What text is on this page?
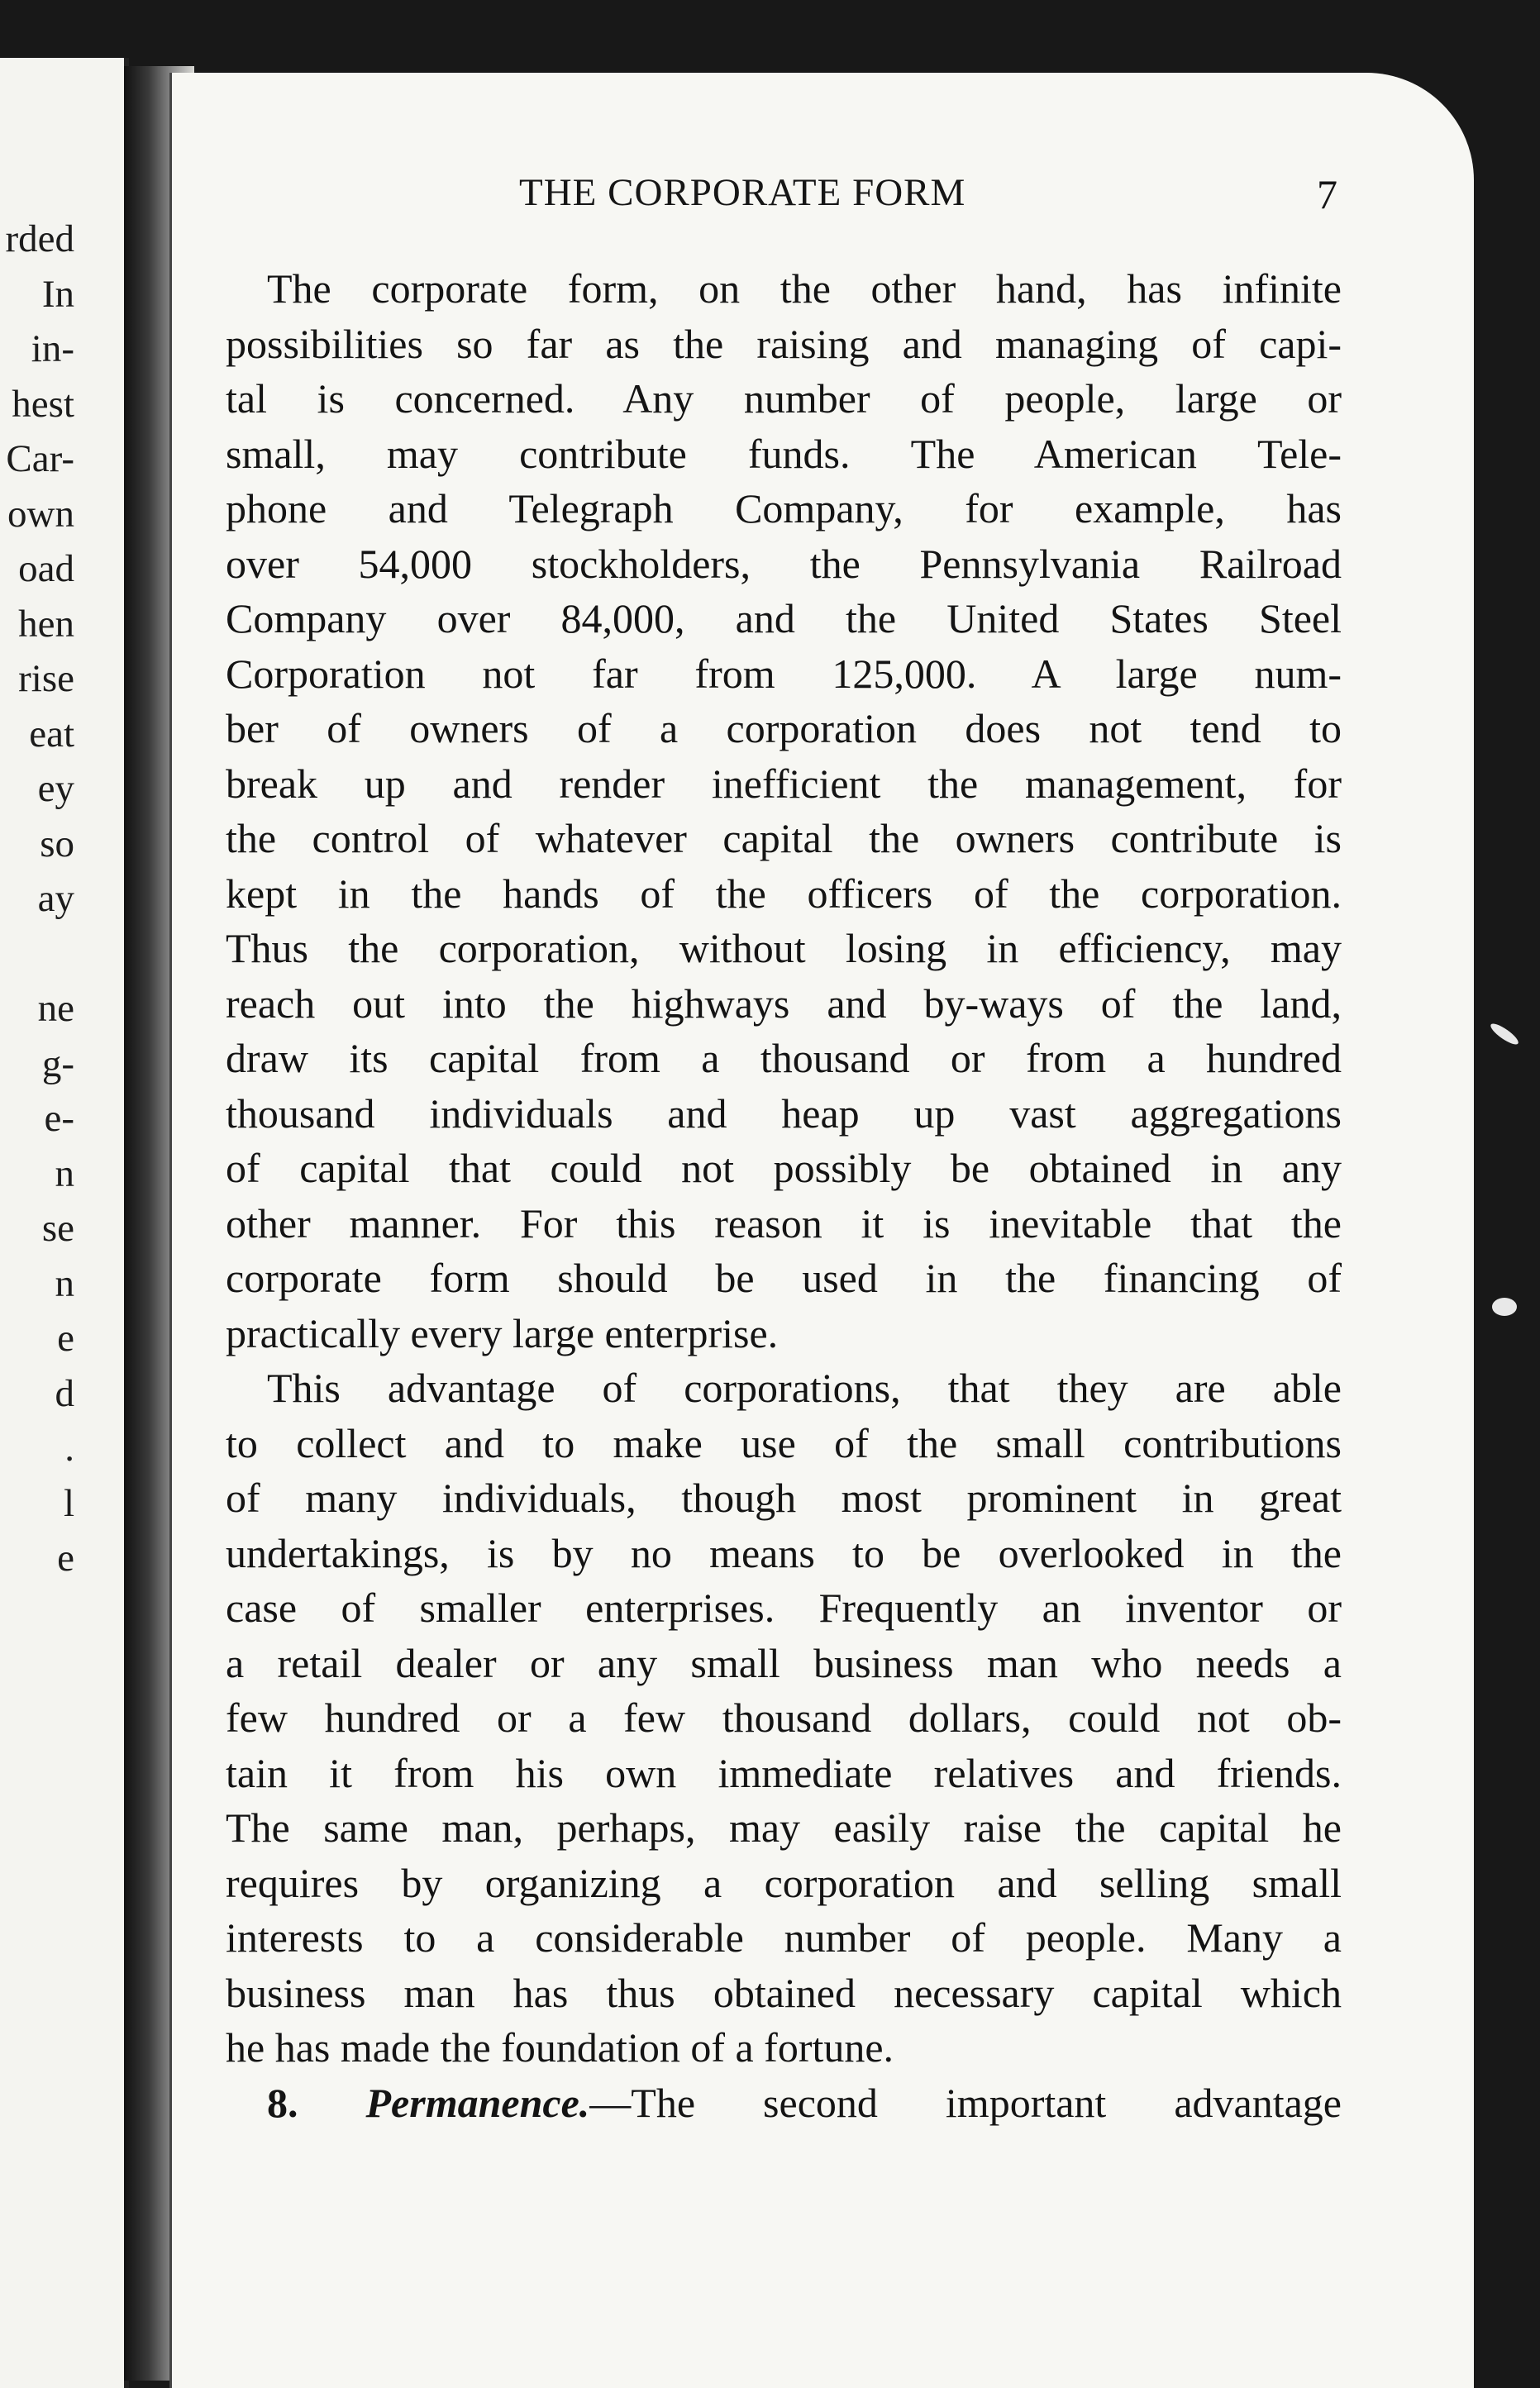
rded
In
in-
hest
Car-
own
oad
hen
rise
eat
ey
so
ay
ne
g-
e-
n
se
n
e
d
.
l
e
THE CORPORATE FORM	7
The corporate form, on the other hand, has infinite
possibilities so far as the raising and managing of capi-
tal is concerned. Any number of people, large or
small, may contribute funds. The American Tele-
phone and Telegraph Company, for example, has
over 54,000 stockholders, the Pennsylvania Railroad
Company over 84,000, and the United States Steel
Corporation not far from 125,000. A large num-
ber of owners of a corporation does not tend to
break up and render inefficient the management, for
the control of whatever capital the owners contribute is
kept in the hands of the officers of the corporation.
Thus the corporation, without losing in efficiency, may
reach out into the highways and by-ways of the land,
draw its capital from a thousand or from a hundred
thousand individuals and heap up vast aggregations
of capital that could not possibly be obtained in any
other manner. For this reason it is inevitable that the
corporate form should be used in the financing of
practically every large enterprise.
This advantage of corporations, that they are able
to collect and to make use of the small contributions
of many individuals, though most prominent in great
undertakings, is by no means to be overlooked in the
case of smaller enterprises. Frequently an inventor or
a retail dealer or any small business man who needs a
few hundred or a few thousand dollars, could not ob-
tain it from his own immediate relatives and friends.
The same man, perhaps, may easily raise the capital he
requires by organizing a corporation and selling small
interests to a considerable number of people. Many a
business man has thus obtained necessary capital which
he has made the foundation of a fortune.
8. Permanence.—The second important advantage
